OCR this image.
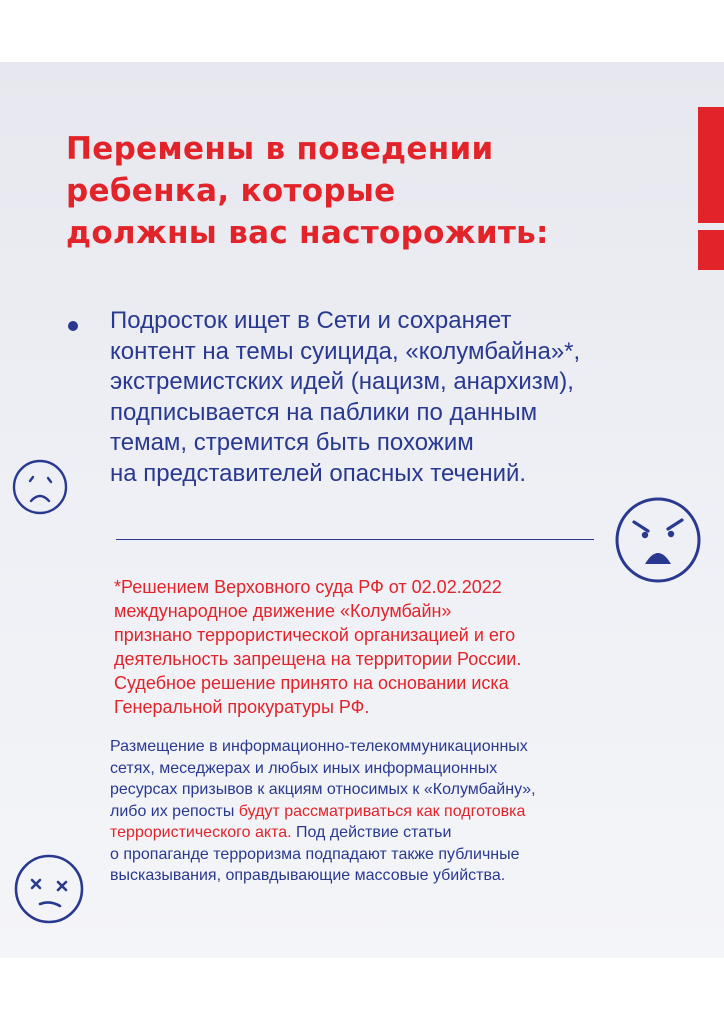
Перемены в поведении
ребенка, которые
должны вас насторожить:
Подросток ищет в Сети и сохраняет
контент на темы суицида, «колумбайна»*,
экстремистских идей (нацизм, анархизм),
подписывается на паблики по данным
темам, стремится быть похожим
на представителей опасных течений.
*Решением Верховного суда РФ от 02.02.2022
международное движение «Колумбайн»
признано террористической организацией и его
деятельность запрещена на территории России.
Судебное решение принято на основании иска
Генеральной прокуратуры РФ.
Размещение в информационно-телекоммуникационных
сетях, меседжерах и любых иных информационных
ресурсах призывов к акциям относимых к «Колумбайну»,
либо их репосты будут рассматриваться как подготовка
террористического акта. Под действие статьи
о пропаганде терроризма подпадают также публичные
высказывания, оправдывающие массовые убийства.
